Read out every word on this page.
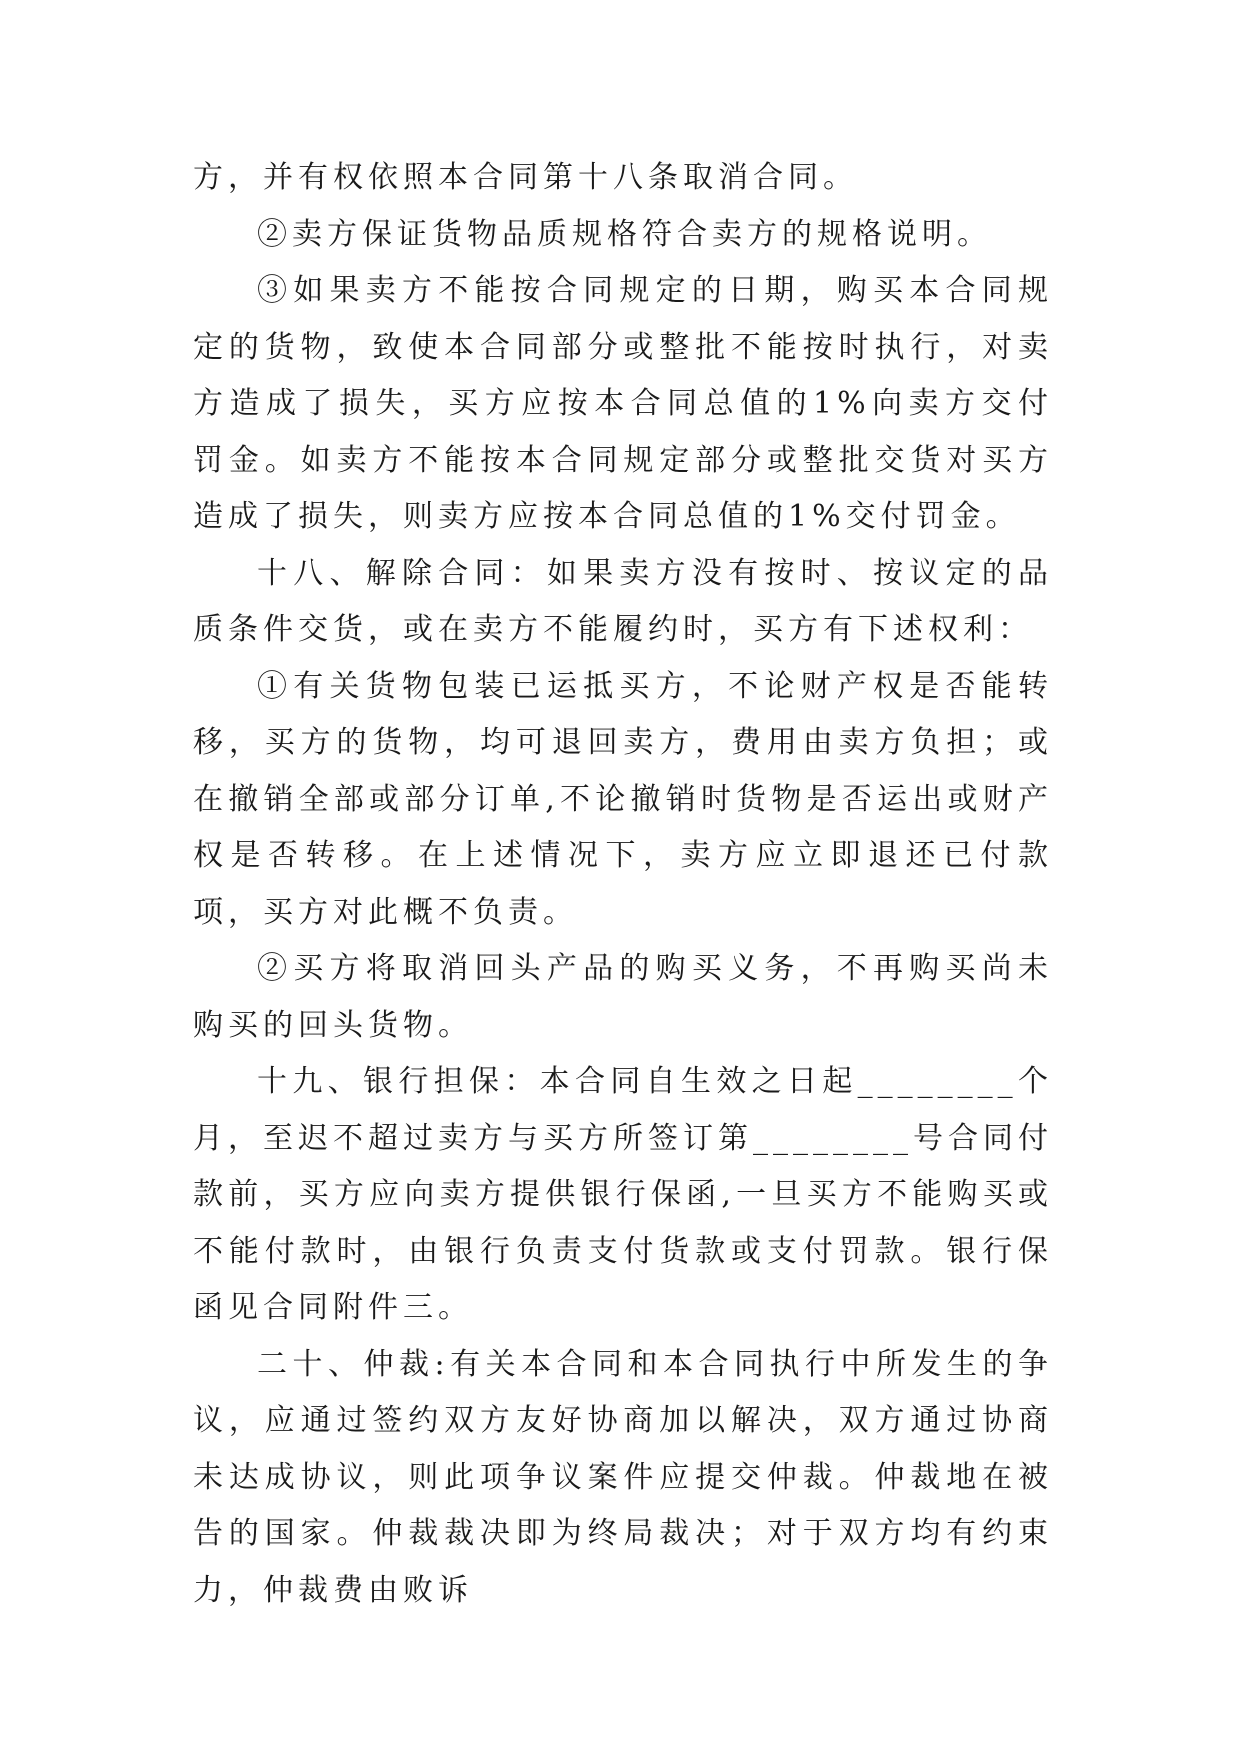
方，并有权依照本合同第十八条取消合同。

②卖方保证货物品质规格符合卖方的规格说明。

③如果卖方不能按合同规定的日期，购买本合同规定的货物，致使本合同部分或整批不能按时执行，对卖方造成了损失，买方应按本合同总值的1%向卖方交付罚金。如卖方不能按本合同规定部分或整批交货对买方造成了损失，则卖方应按本合同总值的1%交付罚金。

十八、解除合同：如果卖方没有按时、按议定的品质条件交货，或在卖方不能履约时，买方有下述权利：

①有关货物包装已运抵买方，不论财产权是否能转移，买方的货物，均可退回卖方，费用由卖方负担；或在撤销全部或部分订单,不论撤销时货物是否运出或财产权是否转移。在上述情况下，卖方应立即退还已付款项，买方对此概不负责。

②买方将取消回头产品的购买义务，不再购买尚未购买的回头货物。

十九、银行担保：本合同自生效之日起________个月，至迟不超过卖方与买方所签订第________号合同付款前，买方应向卖方提供银行保函,一旦买方不能购买或不能付款时，由银行负责支付货款或支付罚款。银行保函见合同附件三。

二十、仲裁:有关本合同和本合同执行中所发生的争议，应通过签约双方友好协商加以解决，双方通过协商未达成协议，则此项争议案件应提交仲裁。仲裁地在被告的国家。仲裁裁决即为终局裁决；对于双方均有约束力，仲裁费由败诉
